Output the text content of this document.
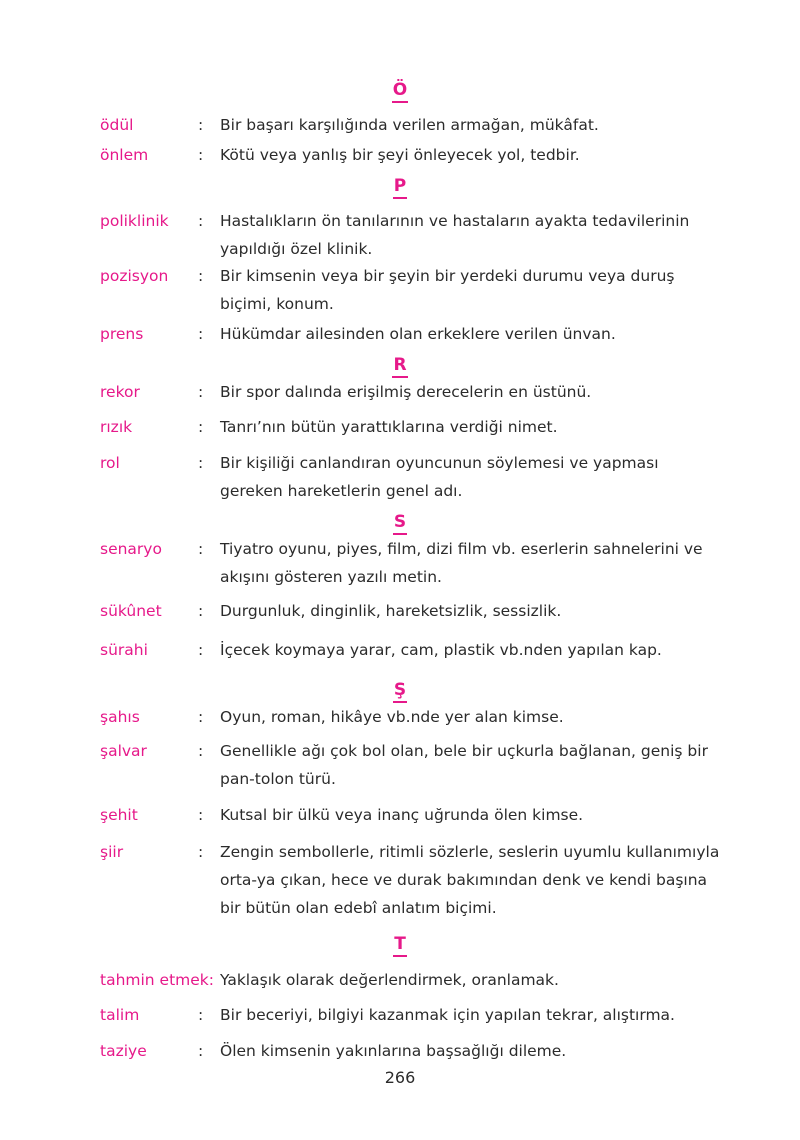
Ö
ödül	: Bir başarı karşılığında verilen armağan, mükâfat.
önlem	: Kötü veya yanlış bir şeyi önleyecek yol, tedbir.
P
poliklinik : Hastalıkların ön tanılarının ve hastaların ayakta tedavilerinin yapıldığı özel klinik.
pozisyon : Bir kimsenin veya bir şeyin bir yerdeki durumu veya duruş biçimi, konum.
prens	: Hükümdar ailesinden olan erkeklere verilen ünvan.
R
rekor	: Bir spor dalında erişilmiş derecelerin en üstünü.
rızık	: Tanrı’nın bütün yarattıklarına verdiği nimet.
rol	: Bir kişiliği canlandıran oyuncunun söylemesi ve yapması gereken hareketlerin genel adı.
S
senaryo : Tiyatro oyunu, piyes, film, dizi film vb. eserlerin sahnelerini ve akışını gösteren yazılı metin.
sükûnet : Durgunluk, dinginlik, hareketsizlik, sessizlik.
sürahi	: İçecek koymaya yarar, cam, plastik vb.nden yapılan kap.
Ş
şahıs	: Oyun, roman, hikâye vb.nde yer alan kimse.
şalvar	: Genellikle ağı çok bol olan, bele bir uçkurla bağlanan, geniş bir pan-tolon türü.
şehit	: Kutsal bir ülkü veya inanç uğrunda ölen kimse.
şiir	: Zengin sembollerle, ritimli sözlerle, seslerin uyumlu kullanımıyla orta-ya çıkan, hece ve durak bakımından denk ve kendi başına bir bütün olan edebî anlatım biçimi.
T
tahmin etmek: Yaklaşık olarak değerlendirmek, oranlamak.
talim	: Bir beceriyi, bilgiyi kazanmak için yapılan tekrar, alıştırma.
taziye	: Ölen kimsenin yakınlarına başsağlığı dileme.
266
